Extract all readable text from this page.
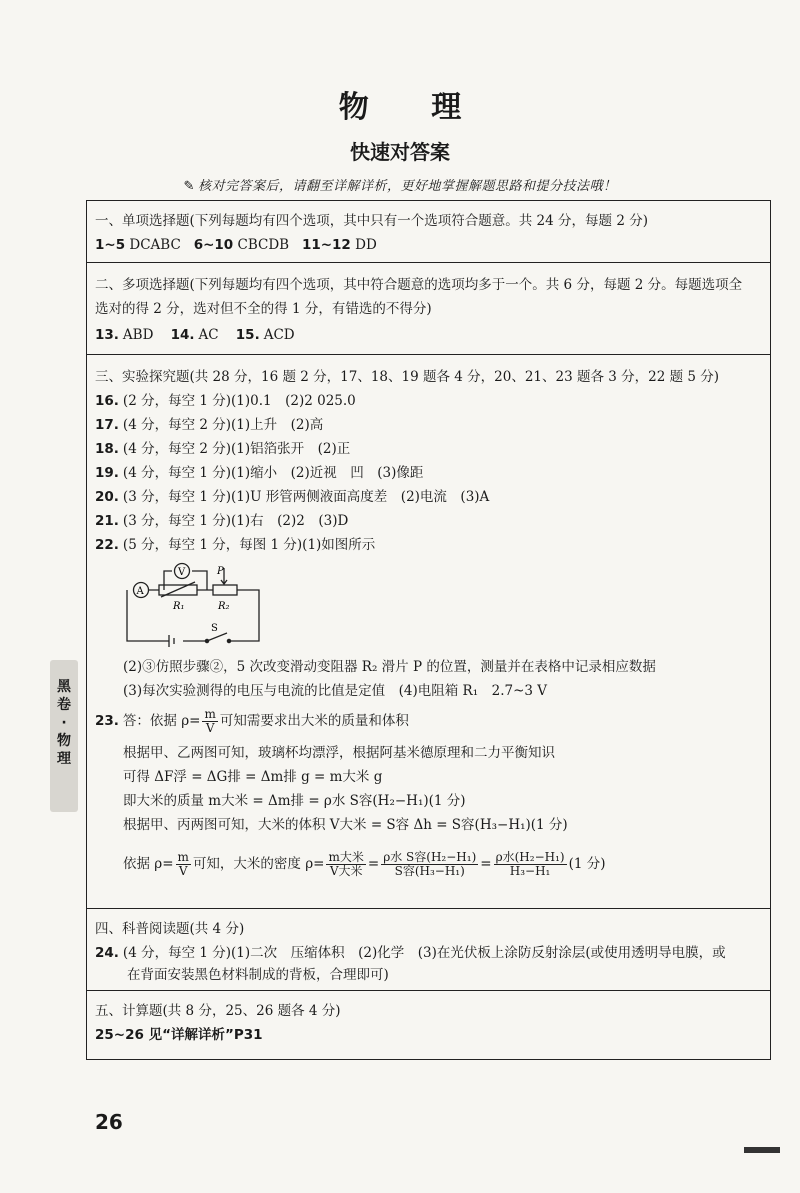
物 理
快速对答案
✎ 核对完答案后，请翻至详解详析，更好地掌握解题思路和提分技法哦！
一、单项选择题(下列每题均有四个选项，其中只有一个选项符合题意。共 24 分，每题 2 分)
1~5 DCABC 6~10 CBCDB 11~12 DD
二、多项选择题(下列每题均有四个选项，其中符合题意的选项均多于一个。共 6 分，每题 2 分。每题选项全
选对的得 2 分，选对但不全的得 1 分，有错选的不得分)
13. ABD 14. AC 15. ACD
三、实验探究题(共 28 分，16 题 2 分，17、18、19 题各 4 分，20、21、23 题各 3 分，22 题 5 分)
16. (2 分，每空 1 分)(1)0.1　(2)2 025.0
17. (4 分，每空 2 分)(1)上升　(2)高
18. (4 分，每空 2 分)(1)铝箔张开　(2)正
19. (4 分，每空 1 分)(1)缩小　(2)近视　凹　(3)像距
20. (3 分，每空 1 分)(1)U 形管两侧液面高度差　(2)电流　(3)A
21. (3 分，每空 1 分)(1)右　(2)2　(3)D
22. (5 分，每空 1 分，每图 1 分)(1)如图所示
A
V
R₁	R₂
P
S
(2)③仿照步骤②，5 次改变滑动变阻器 R₂ 滑片 P 的位置，测量并在表格中记录相应数据
(3)每次实验测得的电压与电流的比值是定值　(4)电阻箱 R₁　2.7~3 V
23. 答：依据 $\rho= \frac{m}{V}$ 可知需要求出大米的质量和体积
根据甲、乙两图可知，玻璃杯均漂浮，根据阿基米德原理和二力平衡知识
可得 ΔF浮 = ΔG排 = Δm排 g = m大米 g
即大米的质量 m大米 = Δm排 = ρ水 S容(H₂−H₁)(1 分)
根据甲、丙两图可知，大米的体积 V大米 = S容 Δh = S容(H₃−H₁)(1 分)
依据 $\rho= \frac{m}{V}$ 可知，大米的密度 $\rho= \frac{\text{m大米}}{\text{V大米}} = \frac{\text{ρ水 S容(H₂−H₁)}}{\text{S容(H₃−H₁)}} = \frac{\text{ρ水(H₂−H₁)}}{\text{H₃−H₁}} (1$ 分)
四、科普阅读题(共 4 分)
24. (4 分，每空 1 分)(1)二次　压缩体积　(2)化学　(3)在光伏板上涂防反射涂层(或使用透明导电膜，或
在背面安装黑色材料制成的背板，合理即可)
五、计算题(共 8 分，25、26 题各 4 分)
25~26 见“详解详析”P31
黑卷·物理
26
